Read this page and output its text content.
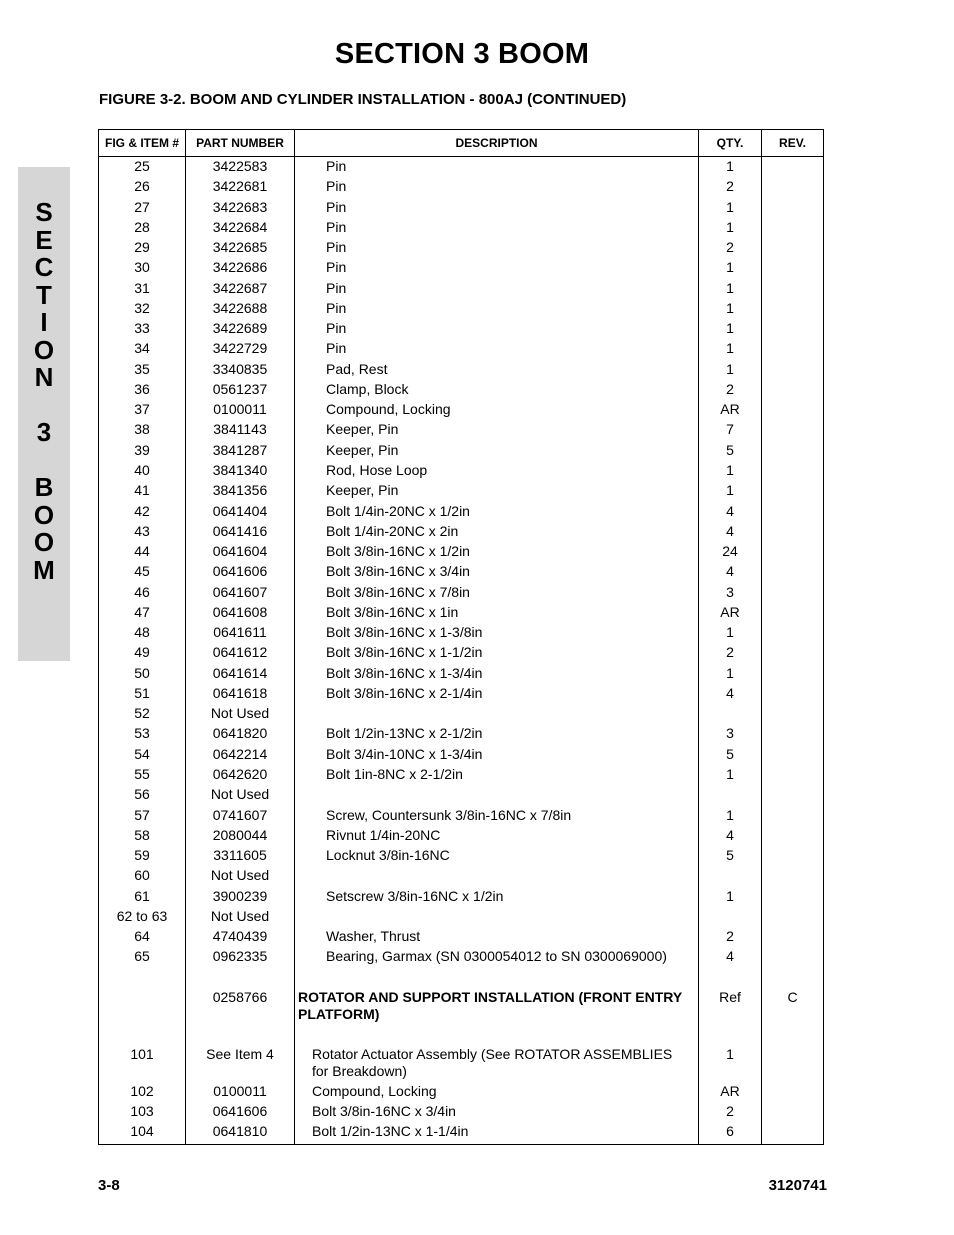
SECTION 3 BOOM
FIGURE 3-2. BOOM AND CYLINDER INSTALLATION - 800AJ (CONTINUED)
S
E
C
T
I
O
N
3
B
O
O
M
FIG & ITEM #	PART NUMBER	DESCRIPTION	QTY.	REV.
25	3422583	Pin	1	
26	3422681	Pin	2	
27	3422683	Pin	1	
28	3422684	Pin	1	
29	3422685	Pin	2	
30	3422686	Pin	1	
31	3422687	Pin	1	
32	3422688	Pin	1	
33	3422689	Pin	1	
34	3422729	Pin	1	
35	3340835	Pad, Rest	1	
36	0561237	Clamp, Block	2	
37	0100011	Compound, Locking	AR	
38	3841143	Keeper, Pin	7	
39	3841287	Keeper, Pin	5	
40	3841340	Rod, Hose Loop	1	
41	3841356	Keeper, Pin	1	
42	0641404	Bolt 1/4in-20NC x 1/2in	4	
43	0641416	Bolt 1/4in-20NC x 2in	4	
44	0641604	Bolt 3/8in-16NC x 1/2in	24	
45	0641606	Bolt 3/8in-16NC x 3/4in	4	
46	0641607	Bolt 3/8in-16NC x 7/8in	3	
47	0641608	Bolt 3/8in-16NC x 1in	AR	
48	0641611	Bolt 3/8in-16NC x 1-3/8in	1	
49	0641612	Bolt 3/8in-16NC x 1-1/2in	2	
50	0641614	Bolt 3/8in-16NC x 1-3/4in	1	
51	0641618	Bolt 3/8in-16NC x 2-1/4in	4	
52	Not Used			
53	0641820	Bolt 1/2in-13NC x 2-1/2in	3	
54	0642214	Bolt 3/4in-10NC x 1-3/4in	5	
55	0642620	Bolt 1in-8NC x 2-1/2in	1	
56	Not Used			
57	0741607	Screw, Countersunk 3/8in-16NC x 7/8in	1	
58	2080044	Rivnut 1/4in-20NC	4	
59	3311605	Locknut 3/8in-16NC	5	
60	Not Used			
61	3900239	Setscrew 3/8in-16NC x 1/2in	1	
62 to 63	Not Used			
64	4740439	Washer, Thrust	2	
65	0962335	Bearing, Garmax (SN 0300054012 to SN 0300069000)	4	

	0258766	ROTATOR AND SUPPORT INSTALLATION (FRONT ENTRY PLATFORM)	Ref	C

101	See Item 4	Rotator Actuator Assembly (See ROTATOR ASSEMBLIES for Breakdown)	1	
102	0100011	Compound, Locking	AR	
103	0641606	Bolt 3/8in-16NC x 3/4in	2	
104	0641810	Bolt 1/2in-13NC x 1-1/4in	6	
3-8	3120741
